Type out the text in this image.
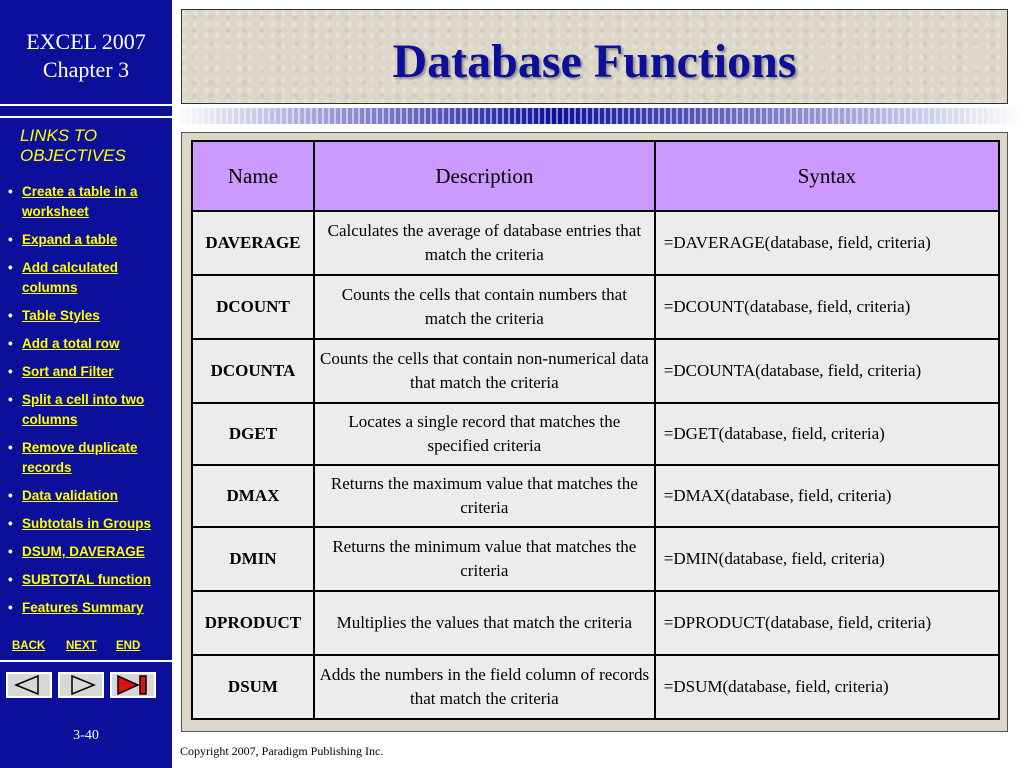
EXCEL 2007
Chapter 3
LINKS TO
OBJECTIVES
• Create a table in a worksheet
• Expand a table
• Add calculated columns
• Table Styles
• Add a total row
• Sort and Filter
• Split a cell into two columns
• Remove duplicate records
• Data validation
• Subtotals in Groups
• DSUM, DAVERAGE
• SUBTOTAL function
• Features Summary
BACK NEXT END
3-40
Database Functions
Name	Description	Syntax
DAVERAGE	Calculates the average of database entries that match the criteria	=DAVERAGE(database, field, criteria)
DCOUNT	Counts the cells that contain numbers that match the criteria	=DCOUNT(database, field, criteria)
DCOUNTA	Counts the cells that contain non-numerical data that match the criteria	=DCOUNTA(database, field, criteria)
DGET	Locates a single record that matches the specified criteria	=DGET(database, field, criteria)
DMAX	Returns the maximum value that matches the criteria	=DMAX(database, field, criteria)
DMIN	Returns the minimum value that matches the criteria	=DMIN(database, field, criteria)
DPRODUCT	Multiplies the values that match the criteria	=DPRODUCT(database, field, criteria)
DSUM	Adds the numbers in the field column of records that match the criteria	=DSUM(database, field, criteria)
Copyright 2007, Paradigm Publishing Inc.
